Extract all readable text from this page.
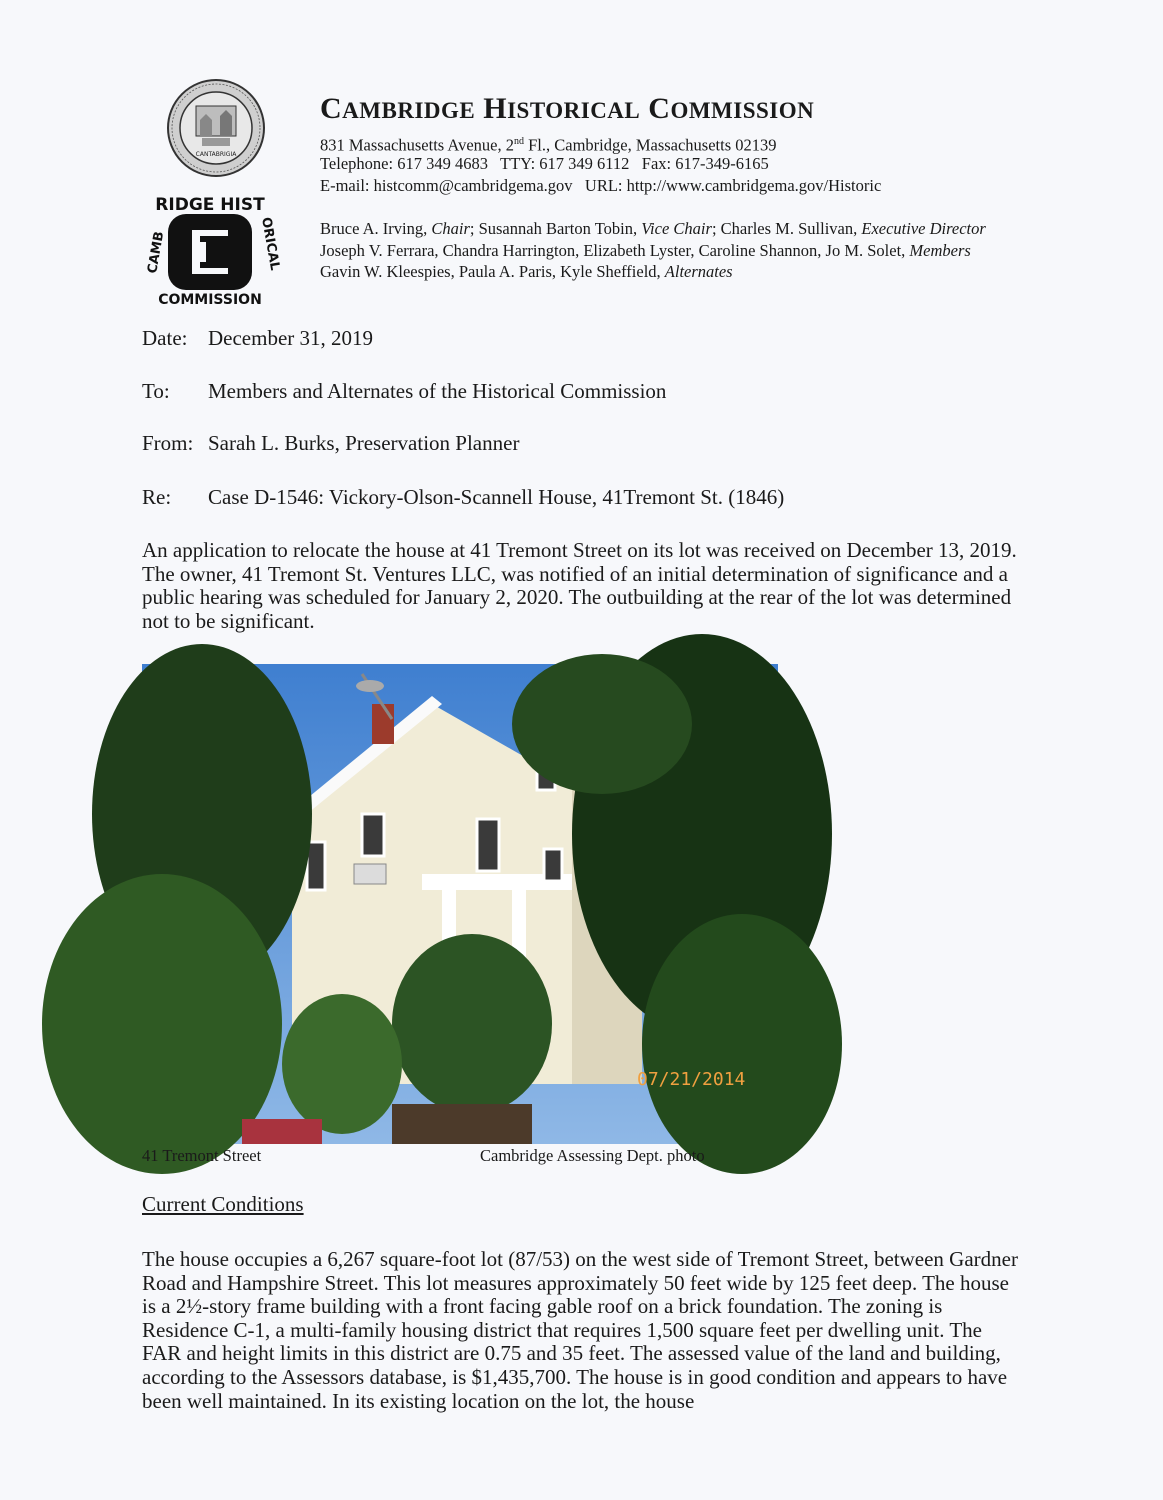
CANTABRIGIA
RIDGE HIST
CAMB	ORICAL
COMMISSION
CAMBRIDGE HISTORICAL COMMISSION
831 Massachusetts Avenue, 2nd Fl., Cambridge, Massachusetts 02139
Telephone: 617 349 4683   TTY: 617 349 6112   Fax: 617-349-6165
E-mail: histcomm@cambridgema.gov   URL: http://www.cambridgema.gov/Historic
Bruce A. Irving, Chair; Susannah Barton Tobin, Vice Chair; Charles M. Sullivan, Executive Director
Joseph V. Ferrara, Chandra Harrington, Elizabeth Lyster, Caroline Shannon, Jo M. Solet, Members
Gavin W. Kleespies, Paula A. Paris, Kyle Sheffield, Alternates
Date: December 31, 2019
To: Members and Alternates of the Historical Commission
From: Sarah L. Burks, Preservation Planner
Re: Case D-1546: Vickory-Olson-Scannell House, 41Tremont St. (1846)

An application to relocate the house at 41 Tremont Street on its lot was received on December 13, 2019. The owner, 41 Tremont St. Ventures LLC, was notified of an initial determination of significance and a public hearing was scheduled for January 2, 2020. The outbuilding at the rear of the lot was determined not to be significant.

07/21/2014
41 Tremont Street	Cambridge Assessing Dept. photo
Current Conditions

The house occupies a 6,267 square-foot lot (87/53) on the west side of Tremont Street, between Gardner Road and Hampshire Street. This lot measures approximately 50 feet wide by 125 feet deep. The house is a 2½-story frame building with a front facing gable roof on a brick foundation. The zoning is Residence C-1, a multi-family housing district that requires 1,500 square feet per dwelling unit. The FAR and height limits in this district are 0.75 and 35 feet. The assessed value of the land and building, according to the Assessors database, is $1,435,700. The house is in good condition and appears to have been well maintained. In its existing location on the lot, the house
